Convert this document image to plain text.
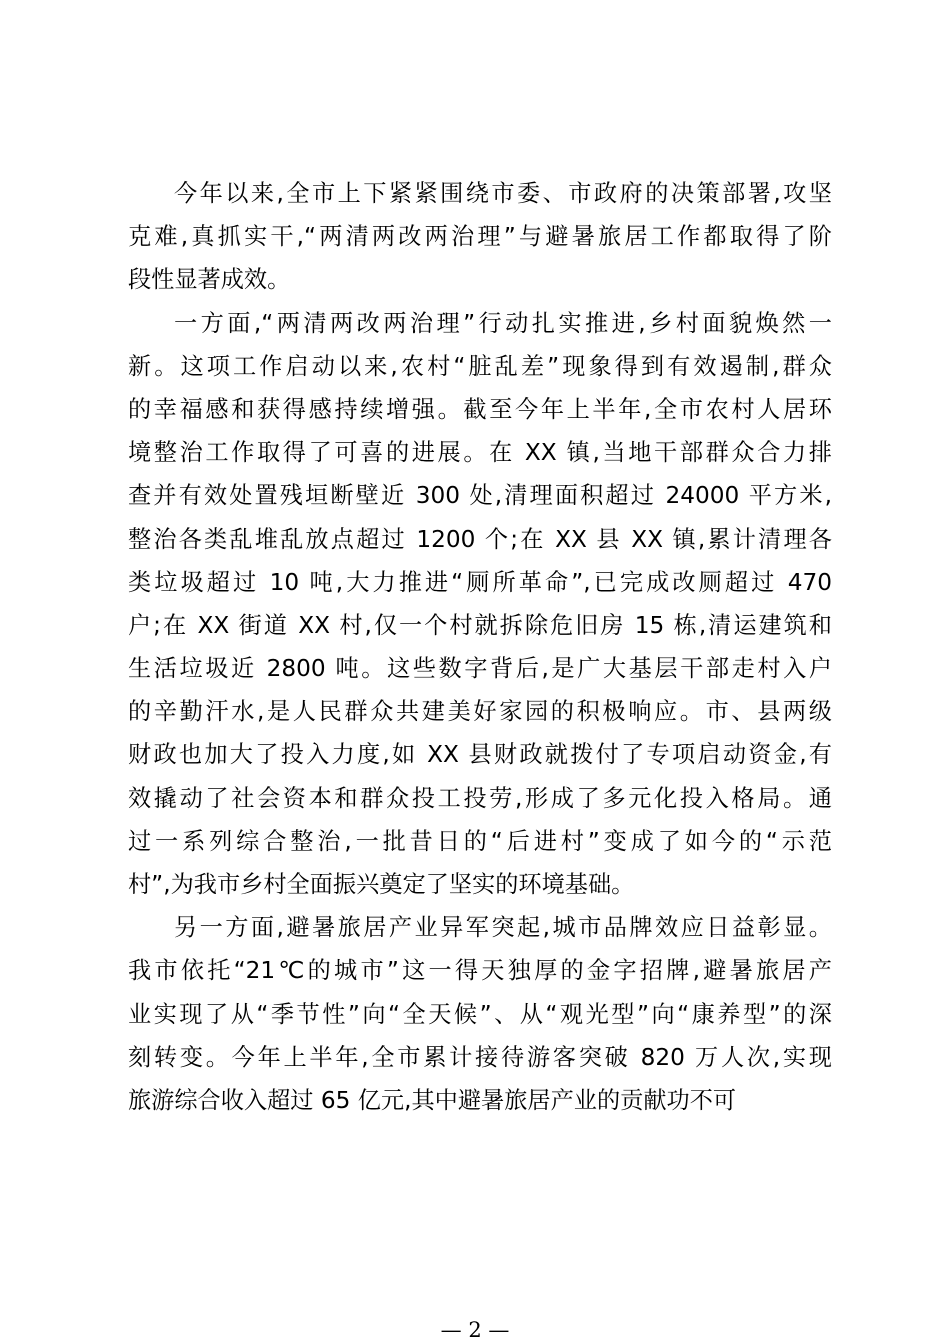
今年以来,全市上下紧紧围绕市委、市政府的决策部署,攻坚
克难,真抓实干,“两清两改两治理”与避暑旅居工作都取得了阶
段性显著成效。
一方面,“两清两改两治理”行动扎实推进,乡村面貌焕然一
新。这项工作启动以来,农村“脏乱差”现象得到有效遏制,群众
的幸福感和获得感持续增强。截至今年上半年,全市农村人居环
境整治工作取得了可喜的进展。在 XX 镇,当地干部群众合力排
查并有效处置残垣断壁近 300 处,清理面积超过 24000 平方米,
整治各类乱堆乱放点超过 1200 个;在 XX 县 XX 镇,累计清理各
类垃圾超过 10 吨,大力推进“厕所革命”,已完成改厕超过 470
户;在 XX 街道 XX 村,仅一个村就拆除危旧房 15 栋,清运建筑和
生活垃圾近 2800 吨。这些数字背后,是广大基层干部走村入户
的辛勤汗水,是人民群众共建美好家园的积极响应。市、县两级
财政也加大了投入力度,如 XX 县财政就拨付了专项启动资金,有
效撬动了社会资本和群众投工投劳,形成了多元化投入格局。通
过一系列综合整治,一批昔日的“后进村”变成了如今的“示范
村”,为我市乡村全面振兴奠定了坚实的环境基础。
另一方面,避暑旅居产业异军突起,城市品牌效应日益彰显。
我市依托“21℃的城市”这一得天独厚的金字招牌,避暑旅居产
业实现了从“季节性”向“全天候”、从“观光型”向“康养型”的深
刻转变。今年上半年,全市累计接待游客突破 820 万人次,实现
旅游综合收入超过 65 亿元,其中避暑旅居产业的贡献功不可
— 2 —
